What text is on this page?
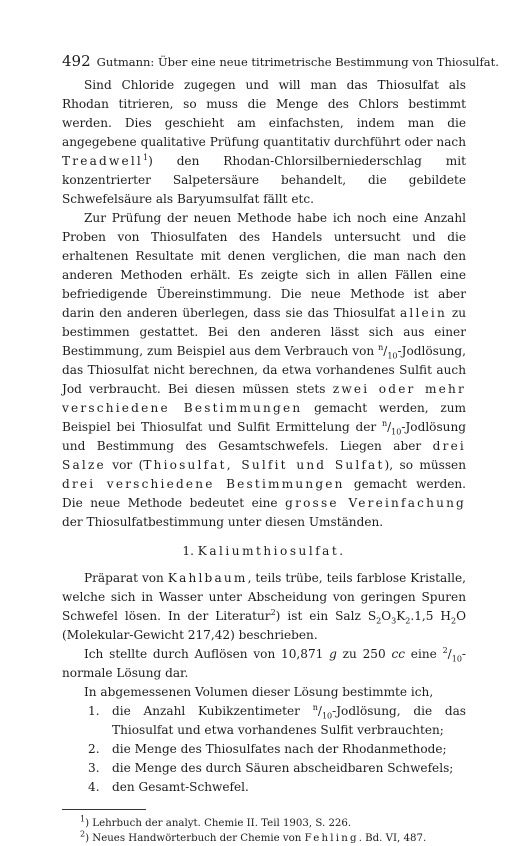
492 Gutmann: Über eine neue titrimetrische Bestimmung von Thiosulfat.

Sind Chloride zugegen und will man das Thiosulfat als Rhodan titrieren, so muss die Menge des Chlors bestimmt werden. Dies geschieht am einfachsten, indem man die angegebene qualitative Prüfung quantitativ durchführt oder nach Treadwell$^1$) den Rhodan-Chlorsilberniederschlag mit konzentrierter Salpetersäure behandelt, die gebildete Schwefelsäure als Baryumsulfat fällt etc.

Zur Prüfung der neuen Methode habe ich noch eine Anzahl Proben von Thiosulfaten des Handels untersucht und die erhaltenen Resultate mit denen verglichen, die man nach den anderen Methoden erhält. Es zeigte sich in allen Fällen eine befriedigende Übereinstimmung. Die neue Methode ist aber darin den anderen überlegen, dass sie das Thiosulfat allein zu bestimmen gestattet. Bei den anderen lässt sich aus einer Bestimmung, zum Beispiel aus dem Verbrauch von $^n/_{10}$-Jodlösung, das Thiosulfat nicht berechnen, da etwa vorhandenes Sulfit auch Jod verbraucht. Bei diesen müssen stets zwei oder mehr verschiedene Bestimmungen gemacht werden, zum Beispiel bei Thiosulfat und Sulfit Ermittelung der $^n/_{10}$-Jodlösung und Bestimmung des Gesamtschwefels. Liegen aber drei Salze vor (Thiosulfat, Sulfit und Sulfat), so müssen drei verschiedene Bestimmungen gemacht werden. Die neue Methode bedeutet eine grosse Vereinfachung der Thiosulfatbestimmung unter diesen Umständen.

1. Kaliumthiosulfat.

Präparat von Kahlbaum, teils trübe, teils farblose Kristalle, welche sich in Wasser unter Abscheidung von geringen Spuren Schwefel lösen. In der Literatur$^2$) ist ein Salz $S_2O_3K_2.1,5$ $H_2O$ (Molekular-Gewicht 217,42) beschrieben.

Ich stellte durch Auflösen von 10,871 g zu 250 cc eine $^2/_{10}$-normale Lösung dar.

In abgemessenen Volumen dieser Lösung bestimmte ich,

1. die Anzahl Kubikzentimeter $^n/_{10}$-Jodlösung, die das Thiosulfat und etwa vorhandenes Sulfit verbrauchten;
2. die Menge des Thiosulfates nach der Rhodanmethode;
3. die Menge des durch Säuren abscheidbaren Schwefels;
4. den Gesamt-Schwefel.
$^1$) Lehrbuch der analyt. Chemie II. Teil 1903, S. 226.
$^2$) Neues Handwörterbuch der Chemie von Fehling. Bd. VI, 487.
